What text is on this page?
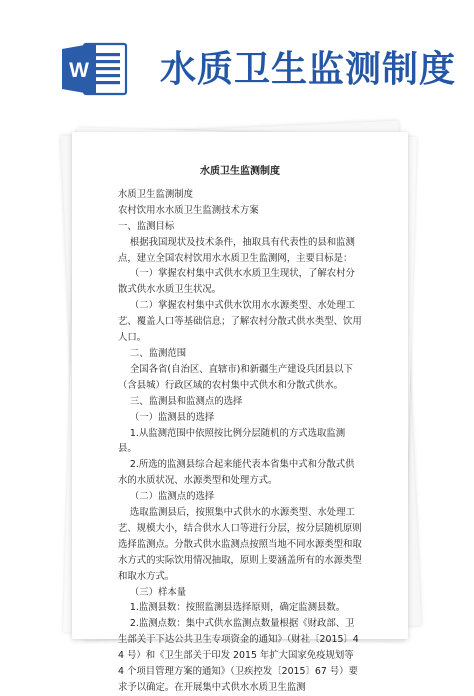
W 水质卫生监测制度
水质卫生监测制度

水质卫生监测制度

农村饮用水水质卫生监测技术方案

一、监测目标

根据我国现状及技术条件，抽取具有代表性的县和监测点，建立全国农村饮用水水质卫生监测网，主要目标是：

（一）掌握农村集中式供水水质卫生现状，了解农村分散式供水水质卫生状况。

（二）掌握农村集中式供水饮用水水源类型、水处理工艺、覆盖人口等基础信息；了解农村分散式供水类型、饮用人口。

二、监测范围

全国各省(自治区、直辖市)和新疆生产建设兵团县以下（含县城）行政区域的农村集中式供水和分散式供水。

三、监测县和监测点的选择

（一）监测县的选择

1.从监测范围中依照按比例分层随机的方式选取监测县。

2.所选的监测县综合起来能代表本省集中式和分散式供水的水质状况、水源类型和处理方式。

（二）监测点的选择

选取监测县后，按照集中式供水的水源类型、水处理工艺、规模大小，结合供水人口等进行分层，按分层随机原则选择监测点。分散式供水监测点按照当地不同水源类型和取水方式的实际饮用情况抽取，原则上要涵盖所有的水源类型和取水方式。

（三）样本量

1.监测县数：按照监测县选择原则，确定监测县数。

2.监测点数：集中式供水监测点数量根据《财政部、卫生部关于下达公共卫生专项资金的通知》（财社〔2015〕44 号）和《卫生部关于印发 2015 年扩大国家免疫规划等 4 个项目管理方案的通知》（卫疾控发〔2015〕67 号）要求予以确定。在开展集中式供水水质卫生监测
